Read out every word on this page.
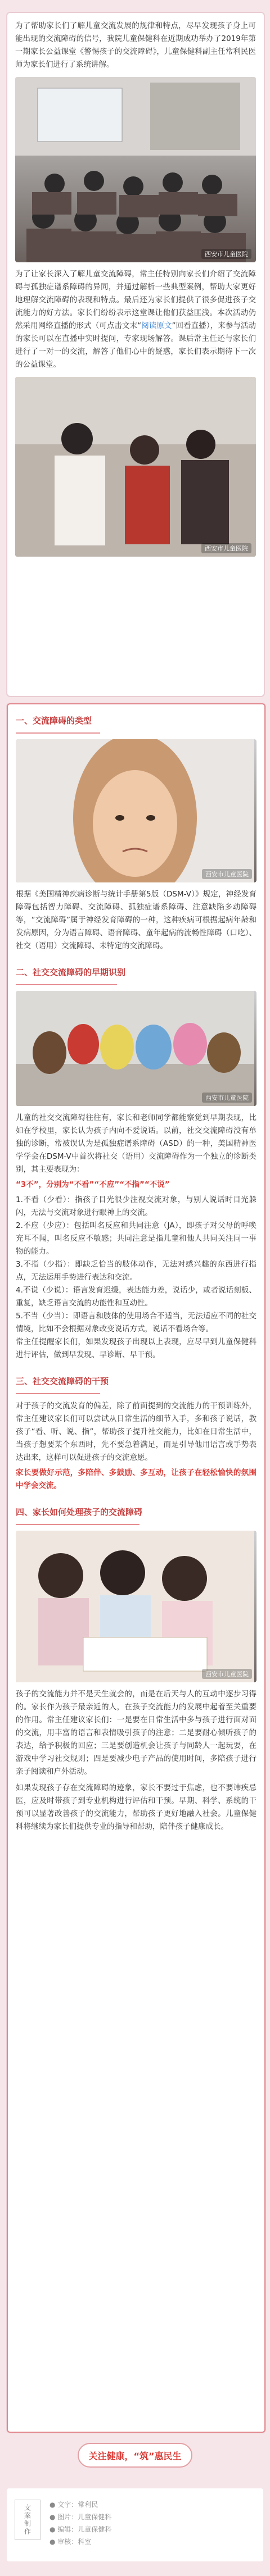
为了帮助家长们了解儿童交流发展的规律和特点，尽早发现孩子身上可能出现的交流障碍的信号，我院儿童保健科在近期成功举办了2019年第一期家长公益课堂《警惕孩子的交流障碍》，儿童保健科副主任常利民医师为家长们进行了系统讲解。

西安市儿童医院

为了让家长深入了解儿童交流障碍，常主任特别向家长们介绍了交流障碍与孤独症谱系障碍的异同，并通过解析一些典型案例，帮助大家更好地理解交流障碍的表现和特点。最后还为家长们提供了很多促进孩子交流能力的好方法。家长们纷纷表示这堂课让他们获益匪浅。本次活动仍然采用网络直播的形式（可点击文末“阅读原文”回看直播），来参与活动的家长可以在直播中实时提问，专家现场解答。课后常主任还与家长们进行了一对一的交流，解答了他们心中的疑惑，家长们表示期待下一次的公益课堂。

西安市儿童医院
一、交流障碍的类型
西安市儿童医院

根据《美国精神疾病诊断与统计手册第5版（DSM-V）》规定，神经发育障碍包括智力障碍、交流障碍、孤独症谱系障碍、注意缺陷多动障碍等，“交流障碍”属于神经发育障碍的一种，这种疾病可根据起病年龄和发病原因，分为语言障碍、语音障碍、童年起病的流畅性障碍（口吃）、社交（语用）交流障碍、未特定的交流障碍。

二、社交交流障碍的早期识别
西安市儿童医院

儿童的社交交流障碍往往有，家长和老师同学都能察觉到早期表现，比如在学校里，家长认为孩子内向不爱说话。以前，社交交流障碍没有单独的诊断，常被误认为是孤独症谱系障碍（ASD）的一种，美国精神医学学会在DSM-V中首次将社交（语用）交流障碍作为一个独立的诊断类别，其主要表现为：

“3不”，分别为“不看”“不应”“不指”“不说”

1.不看（少看）：指孩子目光很少注视交流对象，与别人说话时目光躲闪，无法与交流对象进行眼神上的交流。

2.不应（少应）：包括叫名反应和共同注意（JA），即孩子对父母的呼唤充耳不闻，叫名反应不敏感；共同注意是指儿童和他人共同关注同一事物的能力。

3.不指（少指）：即缺乏恰当的肢体动作，无法对感兴趣的东西进行指点，无法运用手势进行表达和交流。

4.不说（少说）：语言发育迟缓，表达能力差，说话少，或者说话刻板、重复，缺乏语言交流的功能性和互动性。

5.不当（少当）：即语言和肢体的使用场合不适当，无法适应不同的社交情境，比如不会根据对象改变说话方式，说话不看场合等。

常主任提醒家长们，如果发现孩子出现以上表现，应尽早到儿童保健科进行评估，做到早发现、早诊断、早干预。

三、社交交流障碍的干预

对于孩子的交流发育的偏差，除了前面提到的交流能力的干预训练外，常主任建议家长们可以尝试从日常生活的细节入手，多和孩子说话，教孩子“看、听、说、指”，帮助孩子提升社交能力，比如在日常生活中，当孩子想要某个东西时，先不要急着满足，而是引导他用语言或手势表达出来，这样可以促进孩子的交流意愿。

家长要做好示范，多陪伴、多鼓励、多互动，让孩子在轻松愉快的氛围中学会交流。

四、家长如何处理孩子的交流障碍
西安市儿童医院

孩子的交流能力并不是天生就会的，而是在后天与人的互动中逐步习得的。家长作为孩子最亲近的人，在孩子交流能力的发展中起着至关重要的作用。常主任建议家长们：一是要在日常生活中多与孩子进行面对面的交流，用丰富的语言和表情吸引孩子的注意；二是要耐心倾听孩子的表达，给予积极的回应；三是要创造机会让孩子与同龄人一起玩耍，在游戏中学习社交规则；四是要减少电子产品的使用时间，多陪孩子进行亲子阅读和户外活动。

如果发现孩子存在交流障碍的迹象，家长不要过于焦虑，也不要讳疾忌医，应及时带孩子到专业机构进行评估和干预。早期、科学、系统的干预可以显著改善孩子的交流能力，帮助孩子更好地融入社会。儿童保健科将继续为家长们提供专业的指导和帮助，陪伴孩子健康成长。

关注健康，“筑”惠民生
文案制作	● 文字：常利民
● 图片：儿童保健科
● 编辑：儿童保健科
● 审核：科室
